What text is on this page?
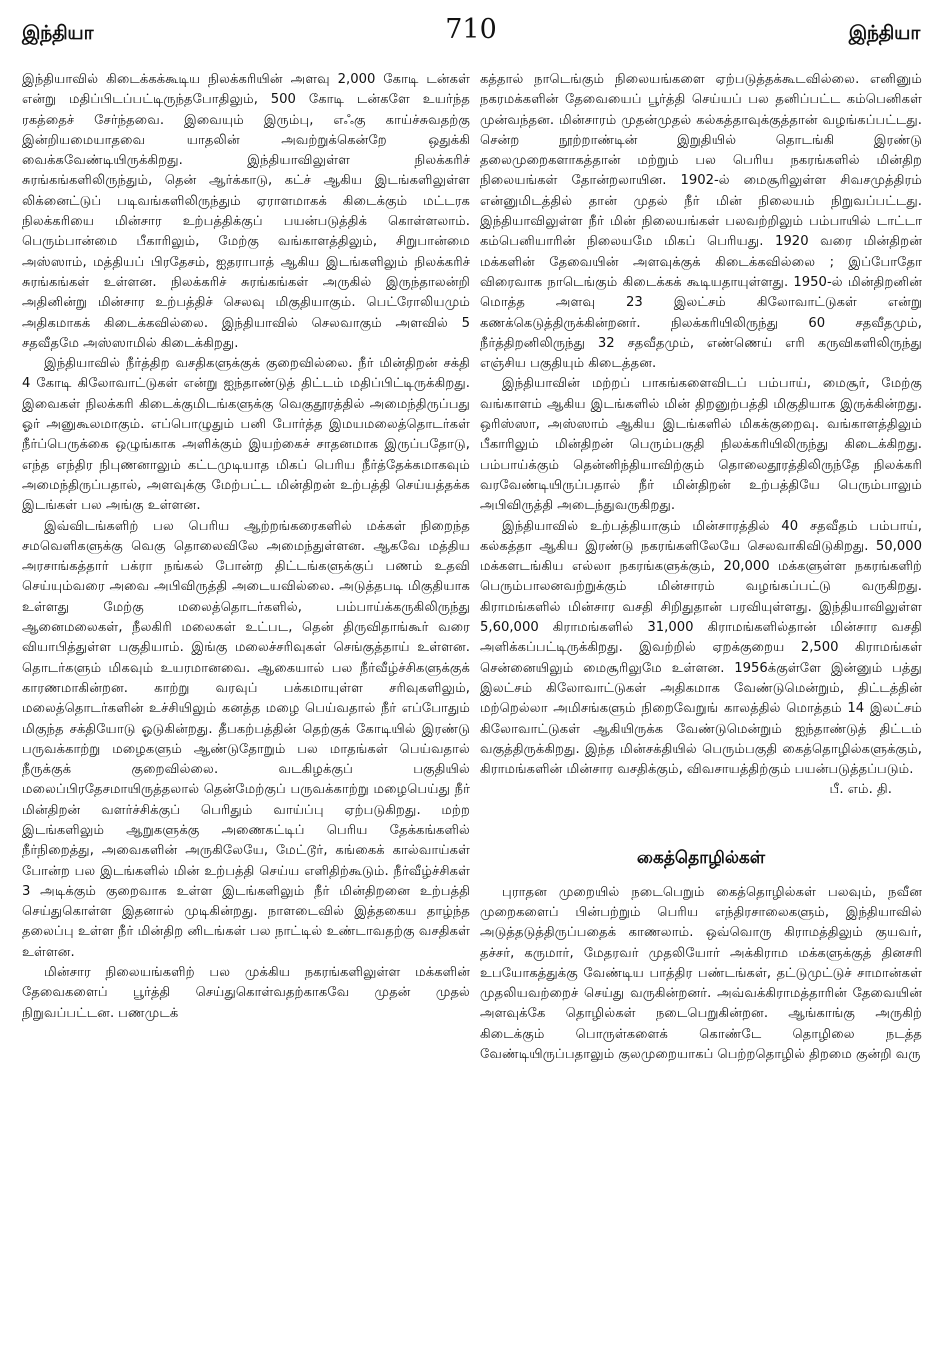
இந்தியா	710	இந்தியா

இந்தியாவில் கிடைக்கக்கூடிய நிலக்கரியின் அளவு 2,000 கோடி டன்கள் என்று மதிப்பிடப்பட்டிருந்தபோதிலும், 500 கோடி டன்களே உயர்ந்த ரகத்தைச் சேர்ந்தவை. இவையும் இரும்பு, எஃகு காய்ச்சுவதற்கு இன்றியமையாதவை யாதலின் அவற்றுக்கென்றே ஒதுக்கி வைக்கவேண்டியிருக்கிறது. இந்தியாவிலுள்ள நிலக்கரிச் சுரங்கங்களிலிருந்தும், தென் ஆர்க்காடு, கட்ச் ஆகிய இடங்களிலுள்ள லிக்னைட்டுப் படிவங்களிலிருந்தும் ஏராளமாகக் கிடைக்கும் மட்டரக நிலக்கரியை மின்சார உற்பத்திக்குப் பயன்படுத்திக் கொள்ளலாம். பெரும்பான்மை பீகாரிலும், மேற்கு வங்காளத்திலும், சிறுபான்மை அஸ்ஸாம், மத்தியப் பிரதேசம், ஐதராபாத் ஆகிய இடங்களிலும் நிலக்கரிச் சுரங்கங்கள் உள்ளன. நிலக்கரிச் சுரங்கங்கள் அருகில் இருந்தாலன்றி அதினின்று மின்சார உற்பத்திச் செலவு மிகுதியாகும். பெட்ரோலியமும் அதிகமாகக் கிடைக்கவில்லை. இந்தியாவில் செலவாகும் அளவில் 5 சதவீதமே அஸ்ஸாமில் கிடைக்கிறது.

இந்தியாவில் நீர்த்திற வசதிகளுக்குக் குறைவில்லை. நீர் மின்திறன் சக்தி 4 கோடி கிலோவாட்டுகள் என்று ஐந்தாண்டுத் திட்டம் மதிப்பிட்டிருக்கிறது. இவைகள் நிலக்கரி கிடைக்குமிடங்களுக்கு வெகுதூரத்தில் அமைந்திருப்பது ஓர் அனுகூலமாகும். எப்பொழுதும் பனி போர்த்த இமயமலைத்தொடர்கள் நீர்ப்பெருக்கை ஒழுங்காக அளிக்கும் இயற்கைச் சாதனமாக இருப்பதோடு, எந்த எந்திர நிபுணனாலும் கட்டமுடியாத மிகப் பெரிய நீர்த்தேக்கமாகவும் அமைந்திருப்பதால், அளவுக்கு மேற்பட்ட மின்திறன் உற்பத்தி செய்யத்தக்க இடங்கள் பல அங்கு உள்ளன.

இவ்விடங்களிற் பல பெரிய ஆற்றங்கரைகளில் மக்கள் நிறைந்த சமவெளிகளுக்கு வெகு தொலைவிலே அமைந்துள்ளன. ஆகவே மத்திய அரசாங்கத்தார் பக்ரா நங்கல் போன்ற திட்டங்களுக்குப் பணம் உதவி செய்யும்வரை அவை அபிவிருத்தி அடையவில்லை. அடுத்தபடி மிகுதியாக உள்ளது மேற்கு மலைத்தொடர்களில், பம்பாய்க்கருகிலிருந்து ஆனைமலைகள், நீலகிரி மலைகள் உட்பட, தென் திருவிதாங்கூர் வரை வியாபித்துள்ள பகுதியாம். இங்கு மலைச்சரிவுகள் செங்குத்தாய் உள்ளன. தொடர்களும் மிகவும் உயரமானவை. ஆகையால் பல நீர்வீழ்ச்சிகளுக்குக் காரணமாகின்றன. காற்று வரவுப் பக்கமாயுள்ள சரிவுகளிலும், மலைத்தொடர்களின் உச்சியிலும் கனத்த மழை பெய்வதால் நீர் எப்போதும் மிகுந்த சக்தியோடு ஓடுகின்றது. தீபகற்பத்தின் தெற்குக் கோடியில் இரண்டு பருவக்காற்று மழைகளும் ஆண்டுதோறும் பல மாதங்கள் பெய்வதால் நீருக்குக் குறைவில்லை. வடகிழக்குப் பகுதியில் மலைப்பிரதேசமாயிருத்தலால் தென்மேற்குப் பருவக்காற்று மழைபெய்து நீர் மின்திறன் வளர்ச்சிக்குப் பெரிதும் வாய்ப்பு ஏற்படுகிறது. மற்ற இடங்களிலும் ஆறுகளுக்கு அணைகட்டிப் பெரிய தேக்கங்களில் நீர்நிறைத்து, அவைகளின் அருகிலேயே, மேட்டூர், கங்கைக் கால்வாய்கள் போன்ற பல இடங்களில் மின் உற்பத்தி செய்ய எளிதிற்கூடும். நீர்வீழ்ச்சிகள் 3 அடிக்கும் குறைவாக உள்ள இடங்களிலும் நீர் மின்திறனை உற்பத்தி செய்துகொள்ள இதனால் முடிகின்றது. நாளடைவில் இத்தகைய தாழ்ந்த தலைப்பு உள்ள நீர் மின்திற னிடங்கள் பல நாட்டில் உண்டாவதற்கு வசதிகள் உள்ளன.

மின்சார நிலையங்களிற் பல முக்கிய நகரங்களிலுள்ள மக்களின் தேவைகளைப் பூர்த்தி செய்துகொள்வதற்காகவே முதன் முதல் நிறுவப்பட்டன. பணமுடக்

கத்தால் நாடெங்கும் நிலையங்களை ஏற்படுத்தக்கூடவில்லை. எனினும் நகரமக்களின் தேவையைப் பூர்த்தி செய்யப் பல தனிப்பட்ட கம்பெனிகள் முன்வந்தன. மின்சாரம் முதன்முதல் கல்கத்தாவுக்குத்தான் வழங்கப்பட்டது. சென்ற நூற்றாண்டின் இறுதியில் தொடங்கி இரண்டு தலைமுறைகளாகத்தான் மற்றும் பல பெரிய நகரங்களில் மின்திற நிலையங்கள் தோன்றலாயின. 1902-ல் மைசூரிலுள்ள சிவசமுத்திரம் என்னுமிடத்தில் தான் முதல் நீர் மின் நிலையம் நிறுவப்பட்டது. இந்தியாவிலுள்ள நீர் மின் நிலையங்கள் பலவற்றிலும் பம்பாயில் டாட்டா கம்பெனியாரின் நிலையமே மிகப் பெரியது. 1920 வரை மின்திறன் மக்களின் தேவையின் அளவுக்குக் கிடைக்கவில்லை ; இப்போதோ விரைவாக நாடெங்கும் கிடைக்கக் கூடியதாயுள்ளது. 1950-ல் மின்திறனின் மொத்த அளவு 23 இலட்சம் கிலோவாட்டுகள் என்று கணக்கெடுத்திருக்கின்றனர். நிலக்கரியிலிருந்து 60 சதவீதமும், நீர்த்திறனிலிருந்து 32 சதவீதமும், எண்ணெய் எரி கருவிகளிலிருந்து எஞ்சிய பகுதியும் கிடைத்தன.

இந்தியாவின் மற்றப் பாகங்களைவிடப் பம்பாய், மைசூர், மேற்கு வங்காளம் ஆகிய இடங்களில் மின் திறனுற்பத்தி மிகுதியாக இருக்கின்றது. ஒரிஸ்ஸா, அஸ்ஸாம் ஆகிய இடங்களில் மிகக்குறைவு. வங்காளத்திலும் பீகாரிலும் மின்திறன் பெரும்பகுதி நிலக்கரியிலிருந்து கிடைக்கிறது. பம்பாய்க்கும் தென்னிந்தியாவிற்கும் தொலைதூரத்திலிருந்தே நிலக்கரி வரவேண்டியிருப்பதால் நீர் மின்திறன் உற்பத்தியே பெரும்பாலும் அபிவிருத்தி அடைந்துவருகிறது.

இந்தியாவில் உற்பத்தியாகும் மின்சாரத்தில் 40 சதவீதம் பம்பாய், கல்கத்தா ஆகிய இரண்டு நகரங்களிலேயே செலவாகிவிடுகிறது. 50,000 மக்களடங்கிய எல்லா நகரங்களுக்கும், 20,000 மக்களுள்ள நகரங்களிற் பெரும்பாலனவற்றுக்கும் மின்சாரம் வழங்கப்பட்டு வருகிறது. கிராமங்களில் மின்சார வசதி சிறிதுதான் பரவியுள்ளது. இந்தியாவிலுள்ள 5,60,000 கிராமங்களில் 31,000 கிராமங்களில்தான் மின்சார வசதி அளிக்கப்பட்டிருக்கிறது. இவற்றில் ஏறக்குறைய 2,500 கிராமங்கள் சென்னையிலும் மைசூரிலுமே உள்ளன. 1956க்குள்ளே இன்னும் பத்து இலட்சம் கிலோவாட்டுகள் அதிகமாக வேண்டுமென்றும், திட்டத்தின் மற்றெல்லா அமிசங்களும் நிறைவேறுங் காலத்தில் மொத்தம் 14 இலட்சம் கிலோவாட்டுகள் ஆகியிருக்க வேண்டுமென்றும் ஐந்தாண்டுத் திட்டம் வகுத்திருக்கிறது. இந்த மின்சக்தியில் பெரும்பகுதி கைத்தொழில்களுக்கும், கிராமங்களின் மின்சார வசதிக்கும், விவசாயத்திற்கும் பயன்படுத்தப்படும்.

பீ. எம். தி.

கைத்தொழில்கள்

புராதன முறையில் நடைபெறும் கைத்தொழில்கள் பலவும், நவீன முறைகளைப் பின்பற்றும் பெரிய எந்திரசாலைகளும், இந்தியாவில் அடுத்தடுத்திருப்பதைக் காணலாம். ஒவ்வொரு கிராமத்திலும் குயவர், தச்சர், கருமார், மேதரவர் முதலியோர் அக்கிராம மக்களுக்குத் தினசரி உபயோகத்துக்கு வேண்டிய பாத்திர பண்டங்கள், தட்டுமுட்டுச் சாமான்கள் முதலியவற்றைச் செய்து வருகின்றனர். அவ்வக்கிராமத்தாரின் தேவையின் அளவுக்கே தொழில்கள் நடைபெறுகின்றன. ஆங்காங்கு அருகிற் கிடைக்கும் பொருள்களைக் கொண்டே தொழிலை நடத்த வேண்டியிருப்பதாலும் குலமுறையாகப் பெற்றதொழில் திறமை குன்றி வரு
